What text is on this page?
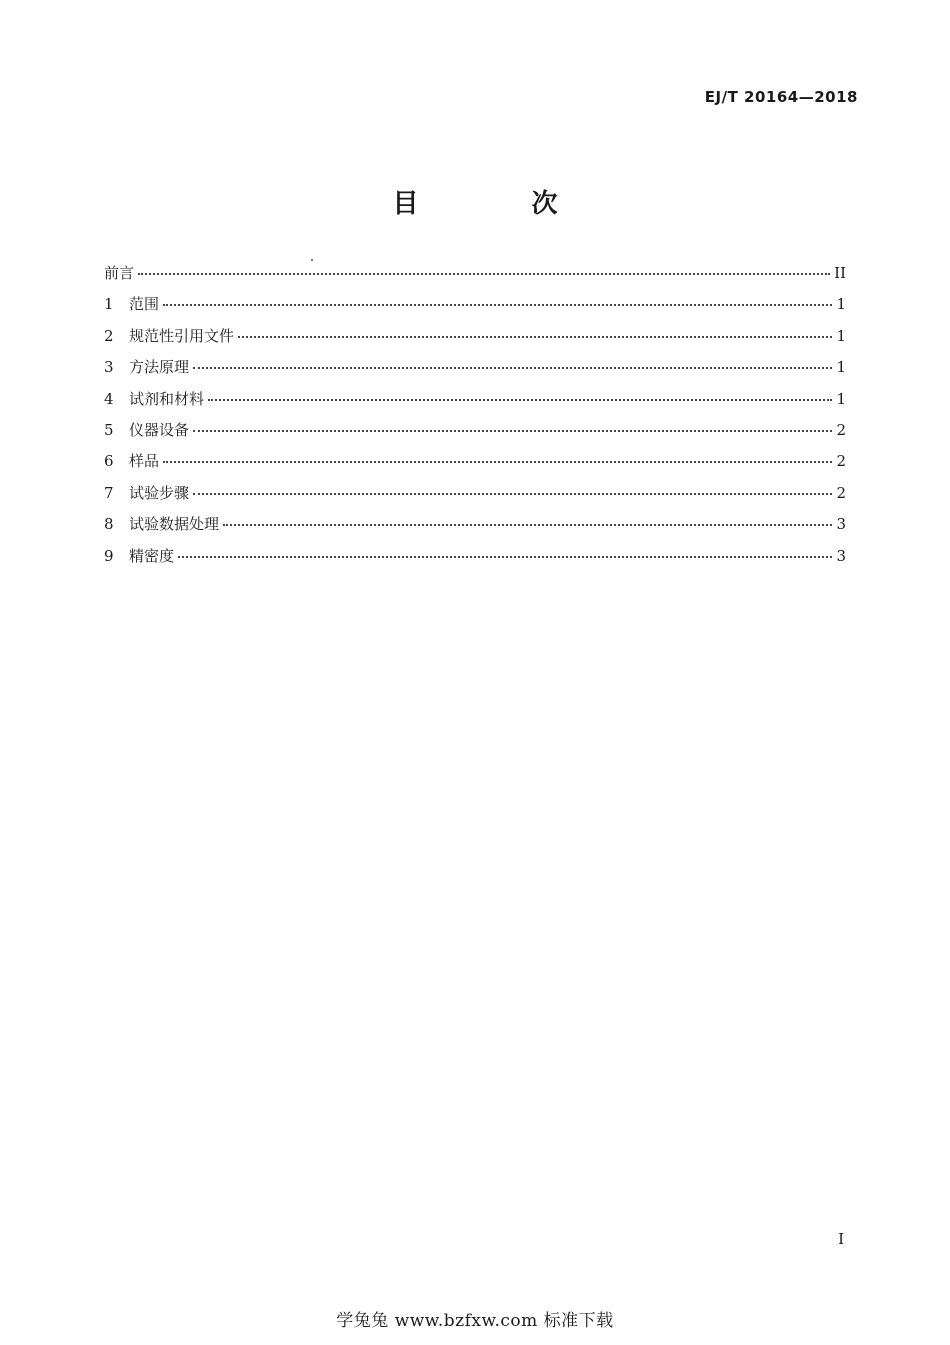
EJ/T 20164—2018
目 次
前言	II
1	范围	1
2	规范性引用文件	1
3	方法原理	1
4	试剂和材料	1
5	仪器设备	2
6	样品	2
7	试验步骤	2
8	试验数据处理	3
9	精密度	3
I
学兔兔 www.bzfxw.com 标准下载
